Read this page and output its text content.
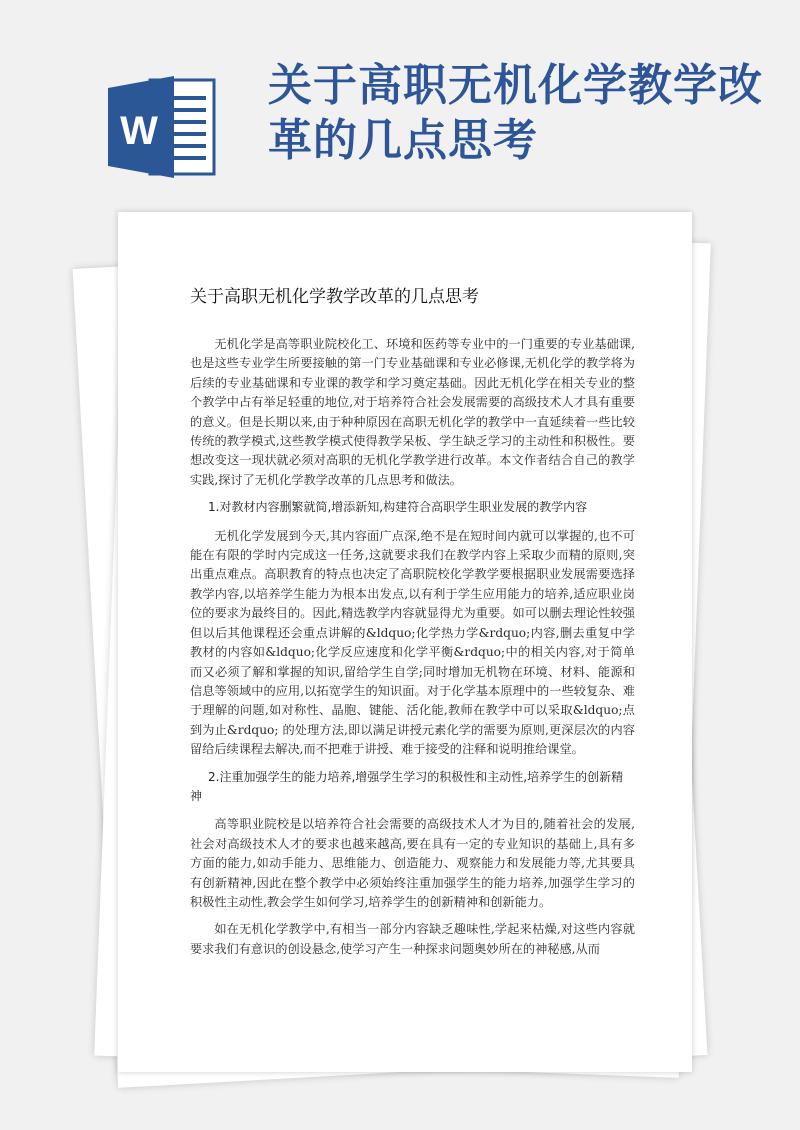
W
关于高职无机化学教学改革的几点思考
关于高职无机化学教学改革的几点思考

无机化学是高等职业院校化工、环境和医药等专业中的一门重要的专业基础课,也是这些专业学生所要接触的第一门专业基础课和专业必修课,无机化学的教学将为后续的专业基础课和专业课的教学和学习奠定基础。因此无机化学在相关专业的整个教学中占有举足轻重的地位,对于培养符合社会发展需要的高级技术人才具有重要的意义。但是长期以来,由于种种原因在高职无机化学的教学中一直延续着一些比较传统的教学模式,这些教学模式使得教学呆板、学生缺乏学习的主动性和积极性。要想改变这一现状就必须对高职的无机化学教学进行改革。本文作者结合自己的教学实践,探讨了无机化学教学改革的几点思考和做法。

1.对教材内容删繁就简,增添新知,构建符合高职学生职业发展的教学内容

无机化学发展到今天,其内容面广点深,绝不是在短时间内就可以掌握的,也不可能在有限的学时内完成这一任务,这就要求我们在教学内容上采取少而精的原则,突出重点难点。高职教育的特点也决定了高职院校化学教学要根据职业发展需要选择教学内容,以培养学生能力为根本出发点,以有利于学生应用能力的培养,适应职业岗位的要求为最终目的。因此,精选教学内容就显得尤为重要。如可以删去理论性较强但以后其他课程还会重点讲解的&ldquo;化学热力学&rdquo;内容,删去重复中学教材的内容如&ldquo;化学反应速度和化学平衡&rdquo;中的相关内容,对于简单而又必须了解和掌握的知识,留给学生自学;同时增加无机物在环境、材料、能源和信息等领域中的应用,以拓宽学生的知识面。对于化学基本原理中的一些较复杂、难于理解的问题,如对称性、晶胞、键能、活化能,教师在教学中可以采取&ldquo;点到为止&rdquo; 的处理方法,即以满足讲授元素化学的需要为原则,更深层次的内容留给后续课程去解决,而不把难于讲授、难于接受的注释和说明推给课堂。

2.注重加强学生的能力培养,增强学生学习的积极性和主动性,培养学生的创新精神

高等职业院校是以培养符合社会需要的高级技术人才为目的,随着社会的发展,社会对高级技术人才的要求也越来越高,要在具有一定的专业知识的基础上,具有多方面的能力,如动手能力、思维能力、创造能力、观察能力和发展能力等,尤其要具有创新精神,因此在整个教学中必须始终注重加强学生的能力培养,加强学生学习的积极性主动性,教会学生如何学习,培养学生的创新精神和创新能力。

如在无机化学教学中,有相当一部分内容缺乏趣味性,学起来枯燥,对这些内容就要求我们有意识的创设悬念,使学习产生一种探求问题奥妙所在的神秘感,从而
